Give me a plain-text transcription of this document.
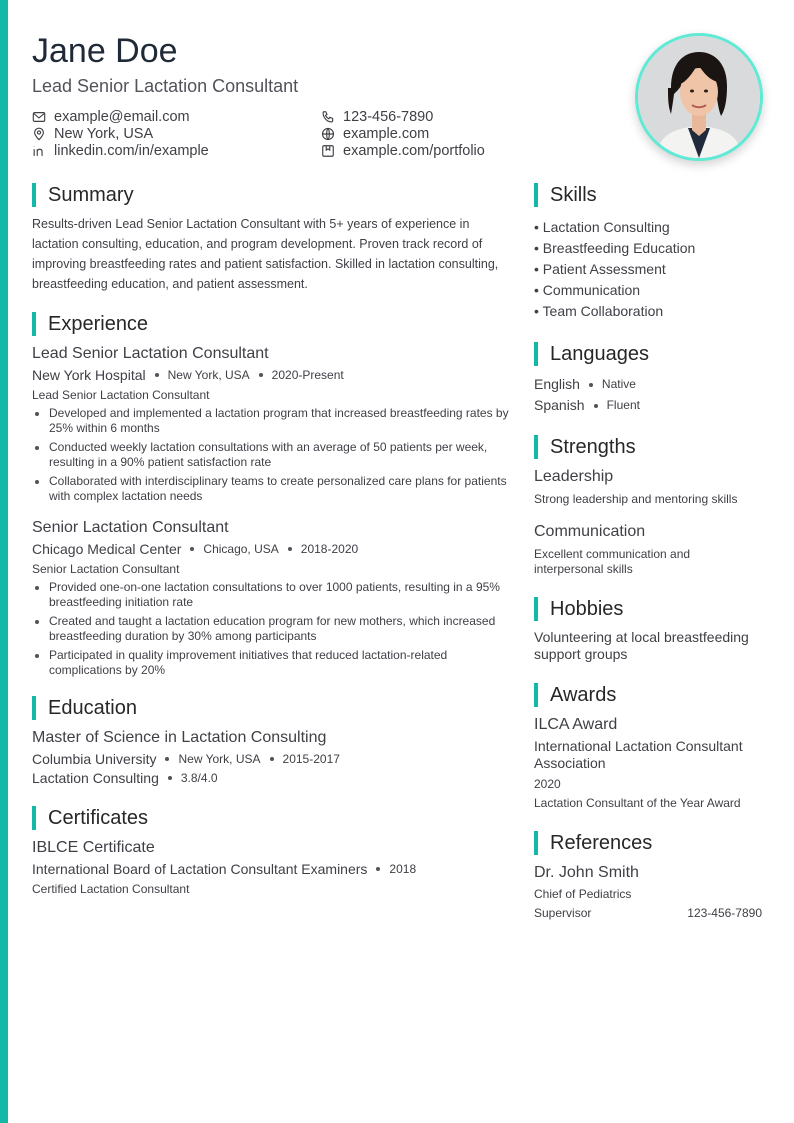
Jane Doe
Lead Senior Lactation Consultant
example@email.com	123-456-7890
New York, USA	example.com
linkedin.com/in/example	example.com/portfolio
Summary

Results-driven Lead Senior Lactation Consultant with 5+ years of experience in lactation consulting, education, and program development. Proven track record of improving breastfeeding rates and patient satisfaction. Skilled in lactation consulting, breastfeeding education, and patient assessment.

Experience
Lead Senior Lactation Consultant
New York Hospital New York, USA 2020-Present
Lead Senior Lactation Consultant
Developed and implemented a lactation program that increased breastfeeding rates by 25% within 6 months
Conducted weekly lactation consultations with an average of 50 patients per week, resulting in a 90% patient satisfaction rate
Collaborated with interdisciplinary teams to create personalized care plans for patients with complex lactation needs
Senior Lactation Consultant
Chicago Medical Center Chicago, USA 2018-2020
Senior Lactation Consultant
Provided one-on-one lactation consultations to over 1000 patients, resulting in a 95% breastfeeding initiation rate
Created and taught a lactation education program for new mothers, which increased breastfeeding duration by 30% among participants
Participated in quality improvement initiatives that reduced lactation-related complications by 20%
Education
Master of Science in Lactation Consulting
Columbia University New York, USA 2015-2017
Lactation Consulting 3.8/4.0
Certificates
IBLCE Certificate
International Board of Lactation Consultant Examiners 2018
Certified Lactation Consultant
Skills
• Lactation Consulting
• Breastfeeding Education
• Patient Assessment
• Communication
• Team Collaboration
Languages
English Native
Spanish Fluent
Strengths
Leadership
Strong leadership and mentoring skills
Communication
Excellent communication and interpersonal skills
Hobbies
Volunteering at local breastfeeding support groups
Awards
ILCA Award
International Lactation Consultant Association
2020
Lactation Consultant of the Year Award
References
Dr. John Smith
Chief of Pediatrics
Supervisor	123-456-7890
